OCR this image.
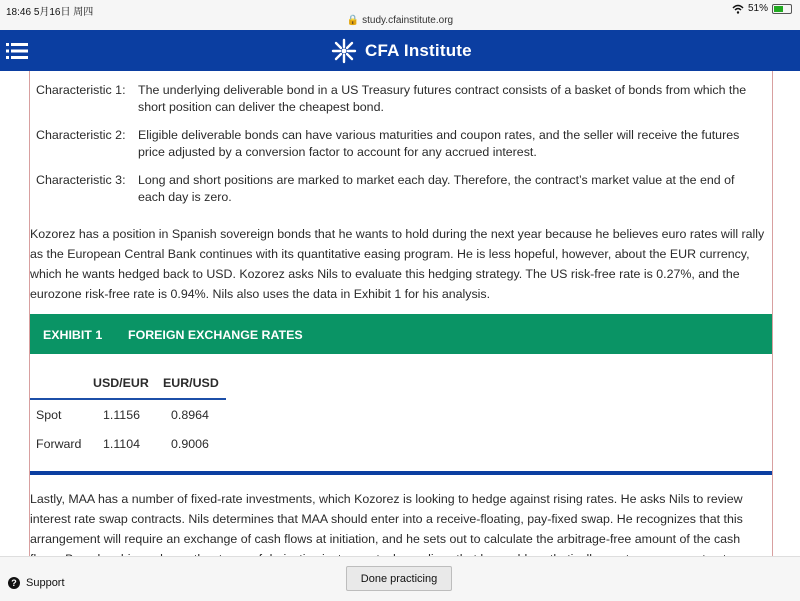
18:46 5月16日 周四
🔒 study.cfainstitute.org
51%
CFA Institute
Characteristic 1:	The underlying deliverable bond in a US Treasury futures contract consists of a basket of bonds from which the short position can deliver the cheapest bond.
Characteristic 2:	Eligible deliverable bonds can have various maturities and coupon rates, and the seller will receive the futures price adjusted by a conversion factor to account for any accrued interest.
Characteristic 3:	Long and short positions are marked to market each day. Therefore, the contract’s market value at the end of each day is zero.
Kozorez has a position in Spanish sovereign bonds that he wants to hold during the next year because he believes euro rates will rally as the European Central Bank continues with its quantitative easing program. He is less hopeful, however, about the EUR currency, which he wants hedged back to USD. Kozorez asks Nils to evaluate this hedging strategy. The US risk-free rate is 0.27%, and the eurozone risk-free rate is 0.94%. Nils also uses the data in Exhibit 1 for his analysis.
EXHIBIT 1 FOREIGN EXCHANGE RATES
USD/EUR EUR/USD
Spot	1.1156	0.8964
Forward 1.1104	0.9006
Lastly, MAA has a number of fixed-rate investments, which Kozorez is looking to hedge against rising rates. He asks Nils to review interest rate swap contracts. Nils determines that MAA should enter into a receive-floating, pay-fixed swap. He recognizes that this arrangement will require an exchange of cash flows at initiation, and he sets out to calculate the arbitrage-free amount of the cash
? Support	Done practicing
